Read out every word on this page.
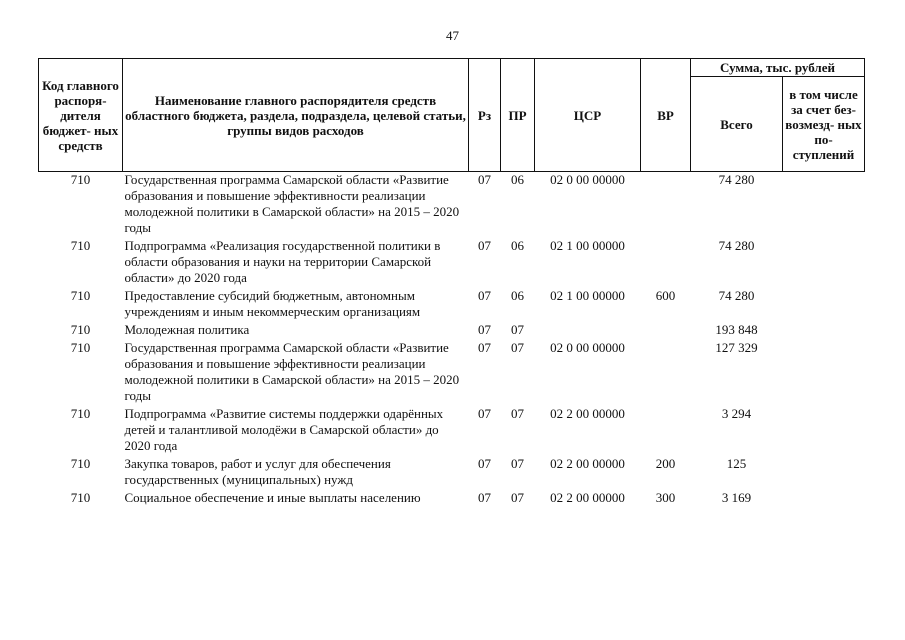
47
Код главного распоря- дителя бюджет- ных средств	Наименование главного распорядителя средств областного бюджета, раздела, подраздела, целевой статьи, группы видов расходов	Рз	ПР	ЦСР	ВР	Сумма, тыс. рублей	
						Всего	в том числе за счет без- возмезд- ных по- ступлений
710	Государственная программа Самарской области «Развитие образования и повышение эффективности реализации молодежной политики в Самарской области» на 2015 – 2020 годы	07	06	02 0 00 00000		74 280	
710	Подпрограмма «Реализация государственной политики в области образования и науки на территории Самарской области» до 2020 года	07	06	02 1 00 00000		74 280	
710	Предоставление субсидий бюджетным, автономным учреждениям и иным некоммерческим организациям	07	06	02 1 00 00000	600	74 280	
710	Молодежная политика	07	07			193 848	
710	Государственная программа Самарской области «Развитие образования и повышение эффективности реализации молодежной политики в Самарской области» на 2015 – 2020 годы	07	07	02 0 00 00000		127 329	
710	Подпрограмма «Развитие системы поддержки одарённых детей и талантливой молодёжи в Самарской области» до 2020 года	07	07	02 2 00 00000		3 294	
710	Закупка товаров, работ и услуг для обеспечения государственных (муниципальных) нужд	07	07	02 2 00 00000	200	125	
710	Социальное обеспечение и иные выплаты населению	07	07	02 2 00 00000	300	3 169	
